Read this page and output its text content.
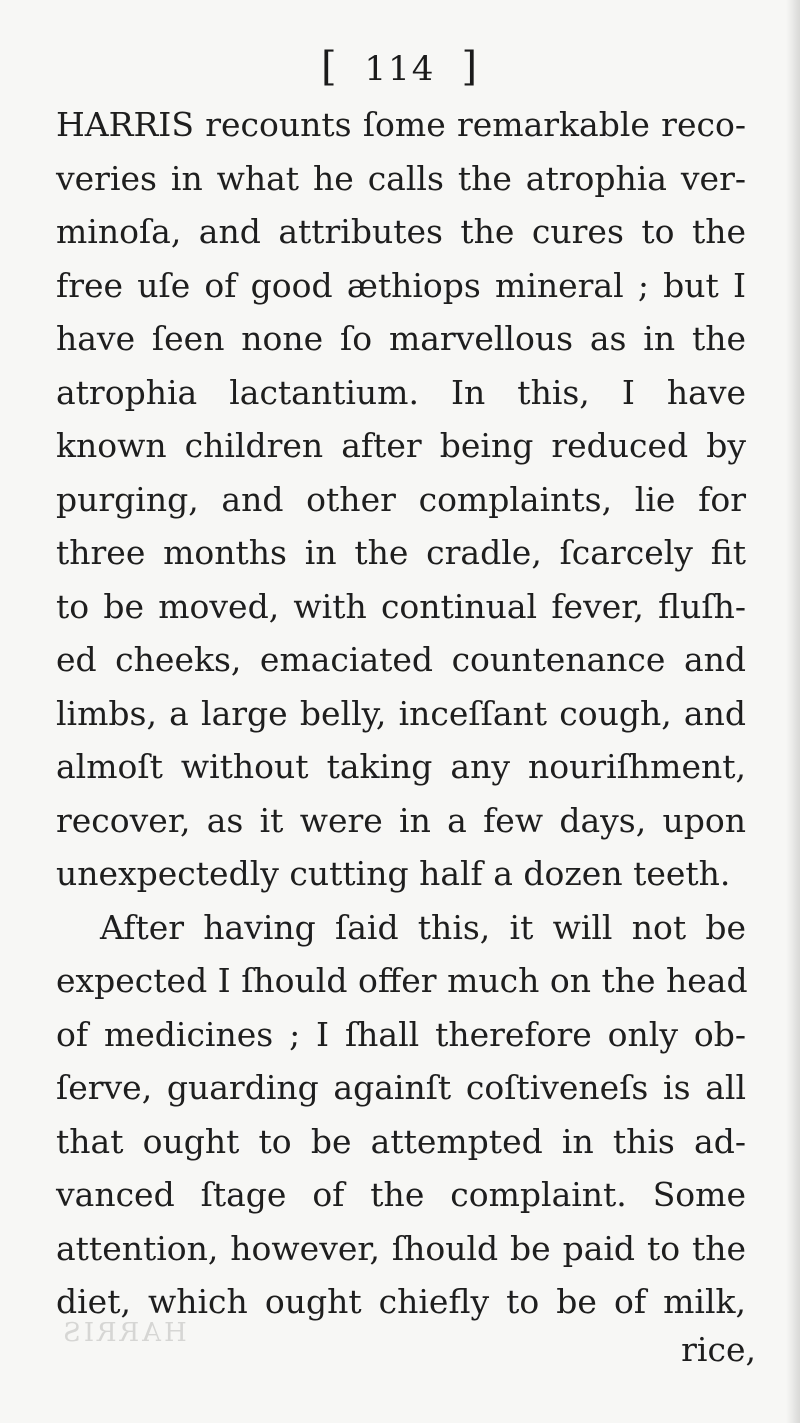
[ 114 ]
HARRIS recounts ſome remarkable reco-
veries in what he calls the atrophia ver-
minoſa, and attributes the cures to the
free uſe of good æthiops mineral ; but I
have ſeen none ſo marvellous as in the
atrophia lactantium. In this, I have
known children after being reduced by
purging, and other complaints, lie for
three months in the cradle, ſcarcely fit
to be moved, with continual fever, fluſh-
ed cheeks, emaciated countenance and
limbs, a large belly, inceſſant cough, and
almoſt without taking any nouriſhment,
recover, as it were in a few days, upon
unexpectedly cutting half a dozen teeth.
After having ſaid this, it will not be
expected I ſhould offer much on the head
of medicines ; I ſhall therefore only ob-
ſerve, guarding againſt coſtiveneſs is all
that ought to be attempted in this ad-
vanced ſtage of the complaint. Some
attention, however, ſhould be paid to the
diet, which ought chiefly to be of milk,
HARRIS	rice,
